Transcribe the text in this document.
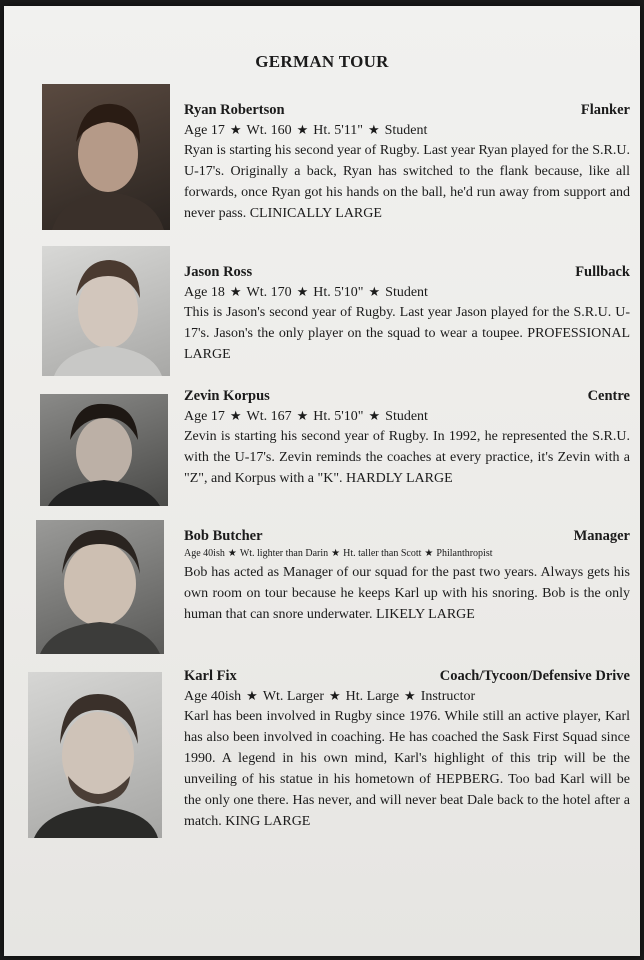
GERMAN TOUR
Ryan Robertson	Flanker
Age 17 ★ Wt. 160 ★ Ht. 5'11" ★ Student
Ryan is starting his second year of Rugby. Last year Ryan played for the S.R.U. U-17's. Originally a back, Ryan has switched to the flank because, like all forwards, once Ryan got his hands on the ball, he'd run away from support and never pass. CLINICALLY LARGE
Jason Ross	Fullback
Age 18 ★ Wt. 170 ★ Ht. 5'10" ★ Student
This is Jason's second year of Rugby. Last year Jason played for the S.R.U. U-17's. Jason's the only player on the squad to wear a toupee. PROFESSIONAL LARGE
Zevin Korpus	Centre
Age 17 ★ Wt. 167 ★ Ht. 5'10" ★ Student
Zevin is starting his second year of Rugby. In 1992, he represented the S.R.U. with the U-17's. Zevin reminds the coaches at every practice, it's Zevin with a "Z", and Korpus with a "K". HARDLY LARGE
Bob Butcher	Manager
Age 40ish ★ Wt. lighter than Darin ★ Ht. taller than Scott ★ Philanthropist
Bob has acted as Manager of our squad for the past two years. Always gets his own room on tour because he keeps Karl up with his snoring. Bob is the only human that can snore underwater. LIKELY LARGE
Karl Fix	Coach/Tycoon/Defensive Drive
Age 40ish ★ Wt. Larger ★ Ht. Large ★ Instructor
Karl has been involved in Rugby since 1976. While still an active player, Karl has also been involved in coaching. He has coached the Sask First Squad since 1990. A legend in his own mind, Karl's highlight of this trip will be the unveiling of his statue in his hometown of HEPBERG. Too bad Karl will be the only one there. Has never, and will never beat Dale back to the hotel after a match. KING LARGE
